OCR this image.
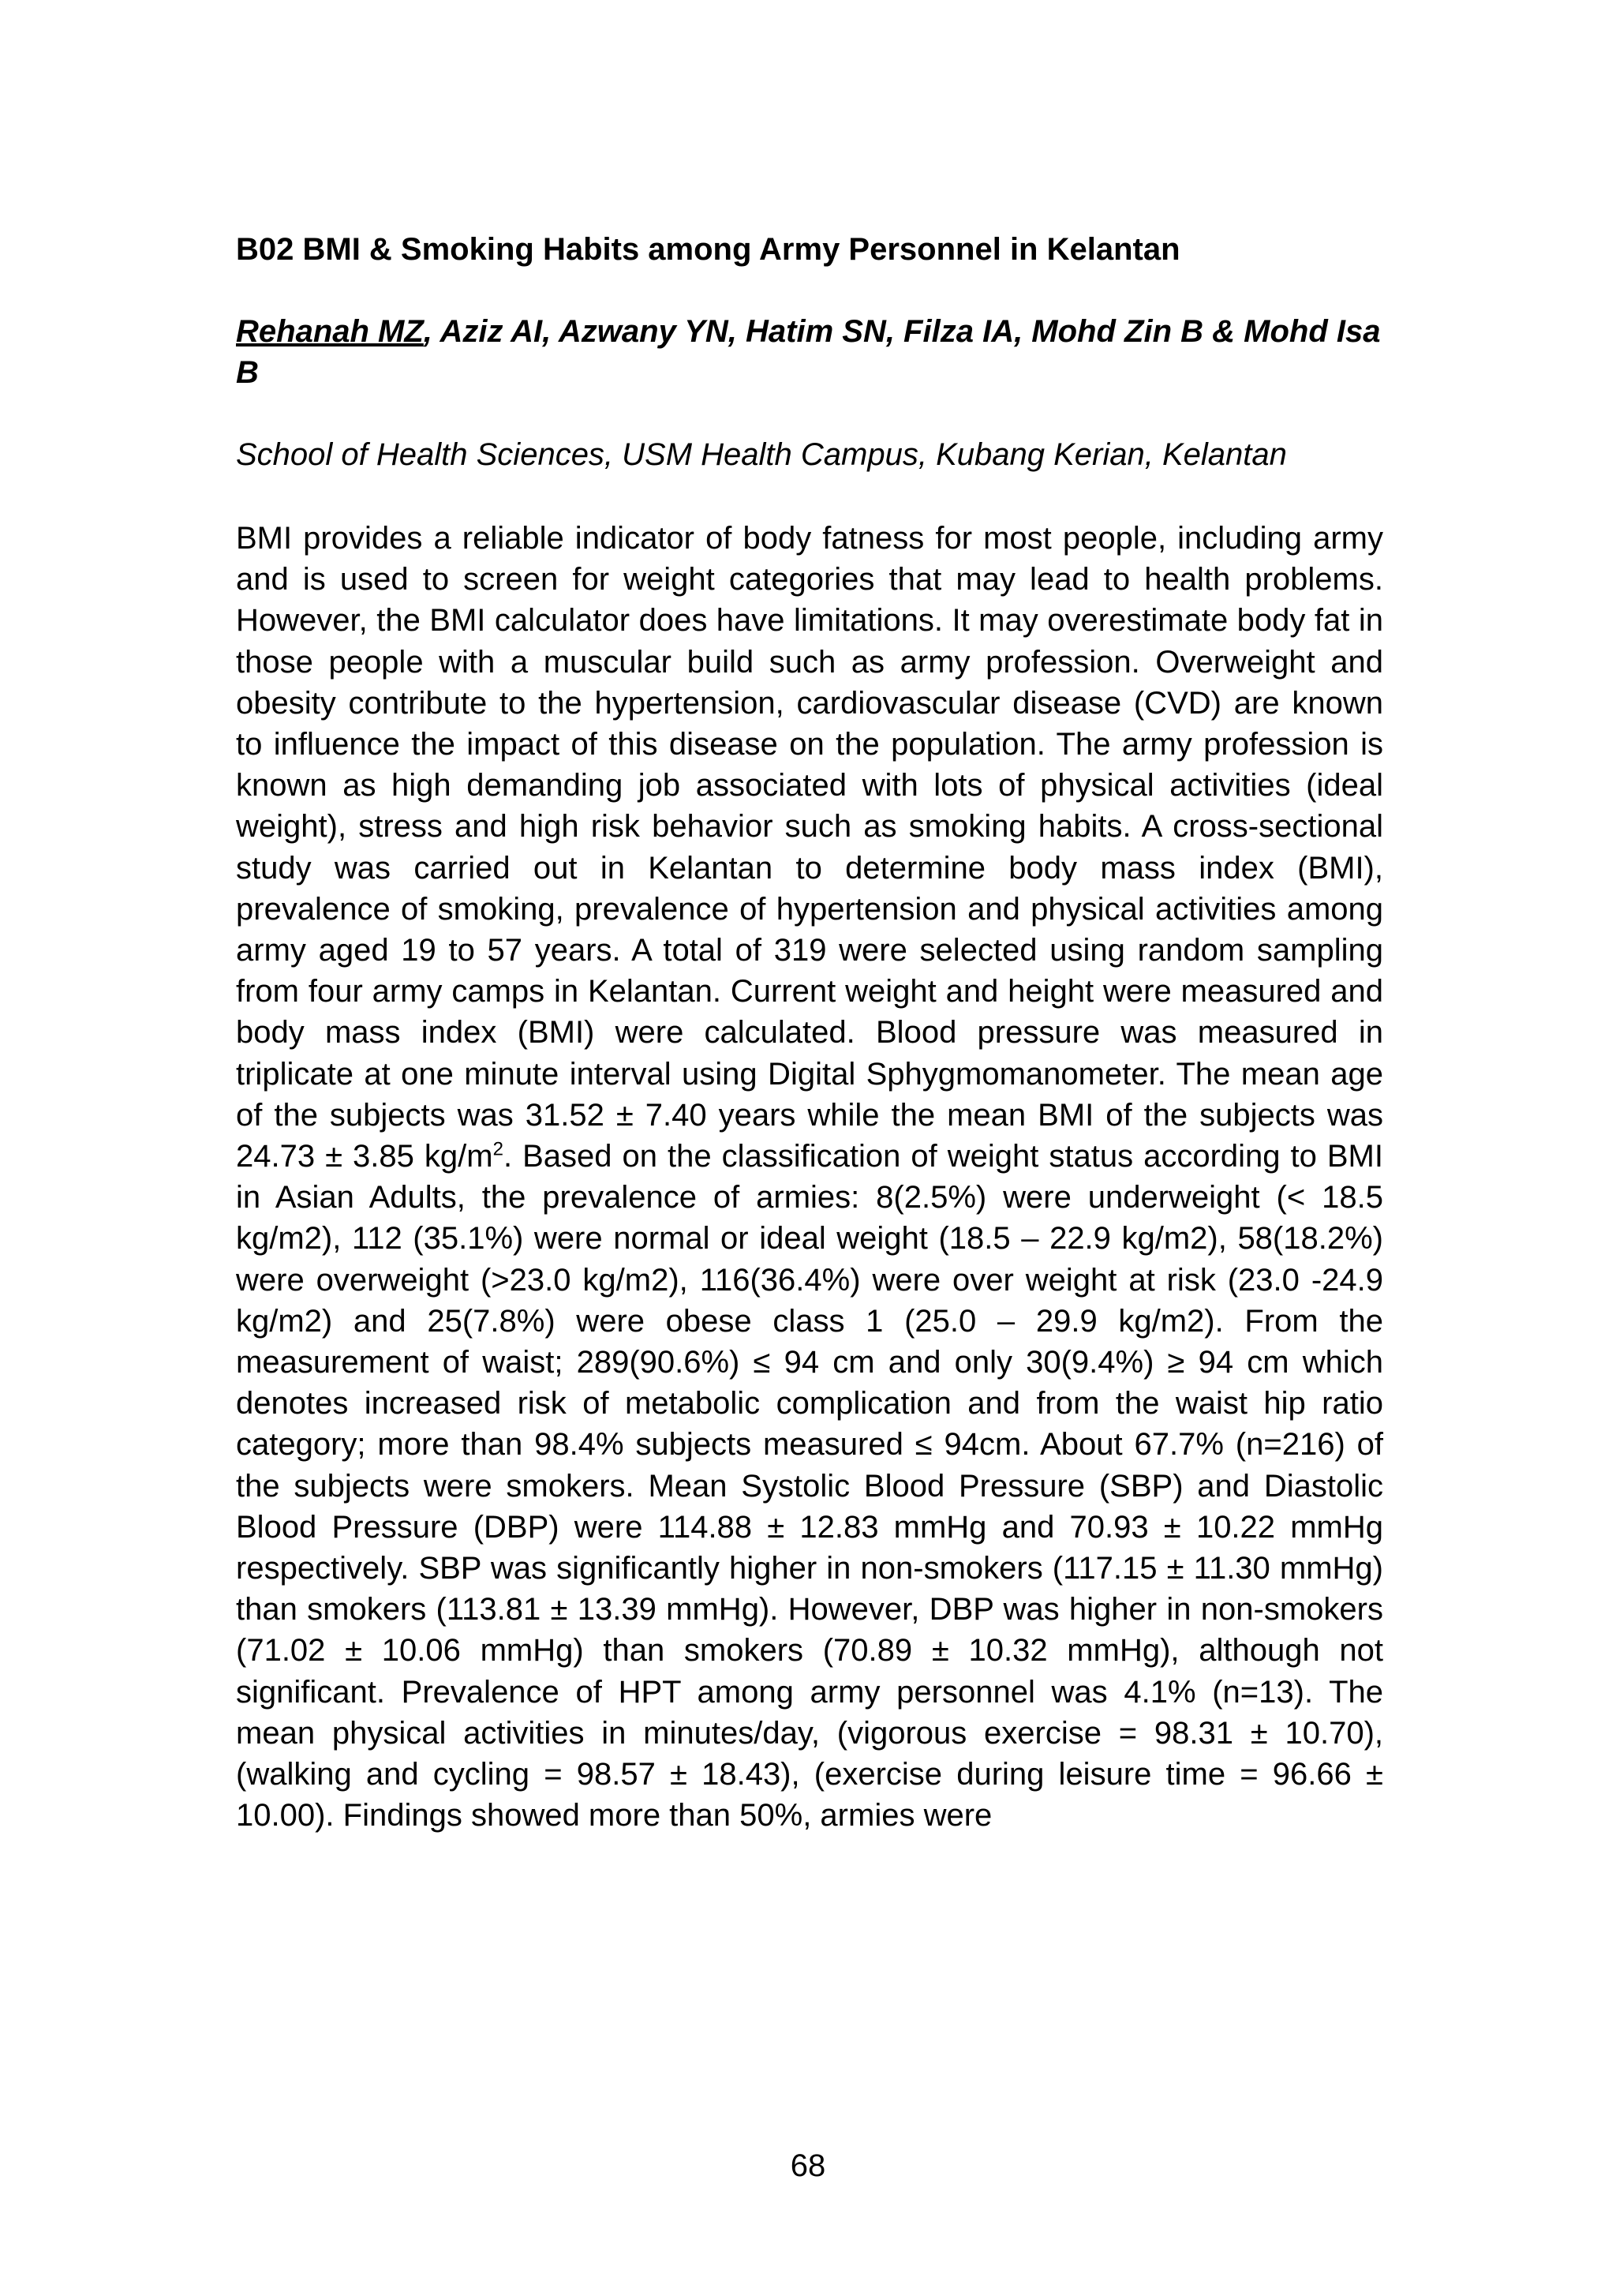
B02 BMI & Smoking Habits among Army Personnel in Kelantan

Rehanah MZ, Aziz AI, Azwany YN, Hatim SN, Filza IA, Mohd Zin B & Mohd Isa B

School of Health Sciences, USM Health Campus, Kubang Kerian, Kelantan

BMI provides a reliable indicator of body fatness for most people, including army and is used to screen for weight categories that may lead to health problems. However, the BMI calculator does have limitations. It may overestimate body fat in those people with a muscular build such as army profession. Overweight and obesity contribute to the hypertension, cardiovascular disease (CVD) are known to influence the impact of this disease on the population. The army profession is known as high demanding job associated with lots of physical activities (ideal weight), stress and high risk behavior such as smoking habits. A cross-sectional study was carried out in Kelantan to determine body mass index (BMI), prevalence of smoking, prevalence of hypertension and physical activities among army aged 19 to 57 years. A total of 319 were selected using random sampling from four army camps in Kelantan. Current weight and height were measured and body mass index (BMI) were calculated. Blood pressure was measured in triplicate at one minute interval using Digital Sphygmomanometer. The mean age of the subjects was 31.52 ± 7.40 years while the mean BMI of the subjects was 24.73 ± 3.85 $kg/m^2$. Based on the classification of weight status according to BMI in Asian Adults, the prevalence of armies: 8(2.5%) were underweight (< 18.5 kg/m2), 112 (35.1%) were normal or ideal weight (18.5 – 22.9 kg/m2), 58(18.2%) were overweight (>23.0 kg/m2), 116(36.4%) were over weight at risk (23.0 -24.9 kg/m2) and 25(7.8%) were obese class 1 (25.0 – 29.9 kg/m2). From the measurement of waist; 289(90.6%) ≤ 94 cm and only 30(9.4%) ≥ 94 cm which denotes increased risk of metabolic complication and from the waist hip ratio category; more than 98.4% subjects measured ≤ 94cm. About 67.7% (n=216) of the subjects were smokers. Mean Systolic Blood Pressure (SBP) and Diastolic Blood Pressure (DBP) were 114.88 ± 12.83 mmHg and 70.93 ± 10.22 mmHg respectively. SBP was significantly higher in non-smokers (117.15 ± 11.30 mmHg) than smokers (113.81 ± 13.39 mmHg). However, DBP was higher in non-smokers (71.02 ± 10.06 mmHg) than smokers (70.89 ± 10.32 mmHg), although not significant. Prevalence of HPT among army personnel was 4.1% (n=13). The mean physical activities in minutes/day, (vigorous exercise = 98.31 ± 10.70), (walking and cycling = 98.57 ± 18.43), (exercise during leisure time = 96.66 ± 10.00). Findings showed more than 50%, armies were

68
